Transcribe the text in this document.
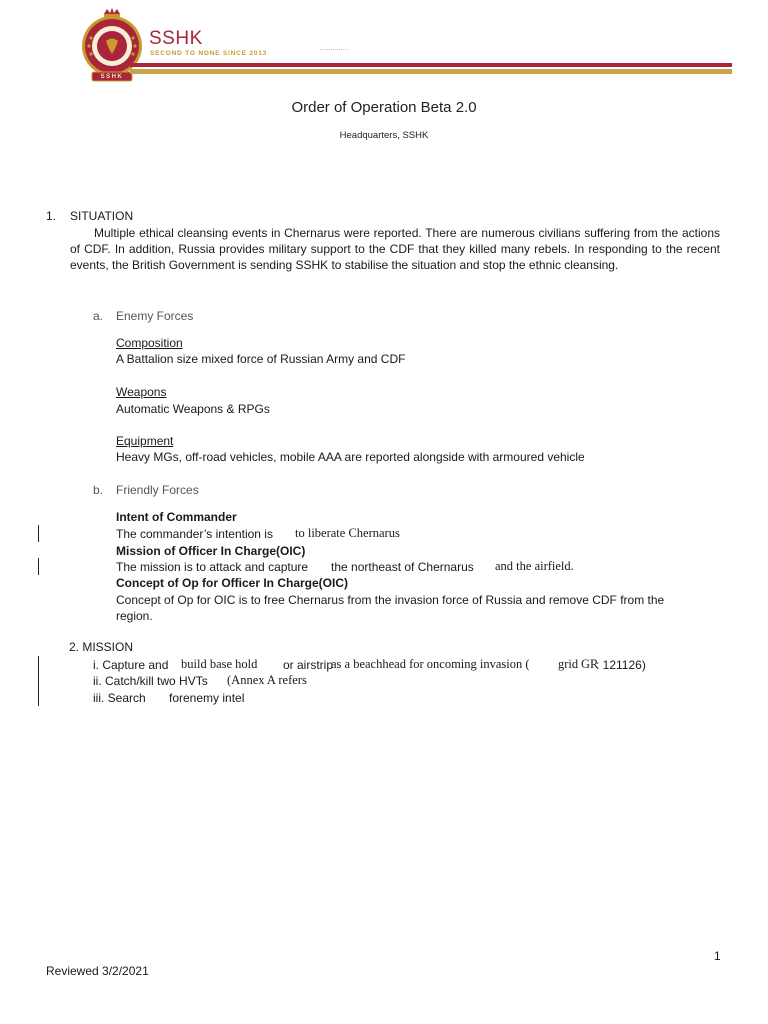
SSHK
SSHK
SECOND TO NONE SINCE 2013
Order of Operation Beta 2.0
Headquarters, SSHK
1. SITUATION
Multiple ethical cleansing events in Chernarus were reported. There are numerous civilians suffering from the actions of CDF. In addition, Russia provides military support to the CDF that they killed many rebels. In responding to the recent events, the British Government is sending SSHK to stabilise the situation and stop the ethnic cleansing.
a. Enemy Forces
Composition
A Battalion size mixed force of Russian Army and CDF
Weapons
Automatic Weapons & RPGs
Equipment
Heavy MGs, off-road vehicles, mobile AAA are reported alongside with armoured vehicle
b. Friendly Forces
Intent of Commander
The commander’s intention is to liberate Chernarus
Mission of Officer In Charge(OIC)
The mission is to attack and capture the northeast of Chernarus and the airfield.
Concept of Op for Officer In Charge(OIC)
Concept of Op for OIC is to free Chernarus from the invasion force of Russia and remove CDF from the
region.
2. MISSION
i. Capture and build base hold or airstrip
as a beachhead for oncoming invasion ( grid GR
: 121126)
ii. Catch/kill two HVTs (Annex A refers
iii. Search forenemy intel
1
Reviewed 3/2/2021
